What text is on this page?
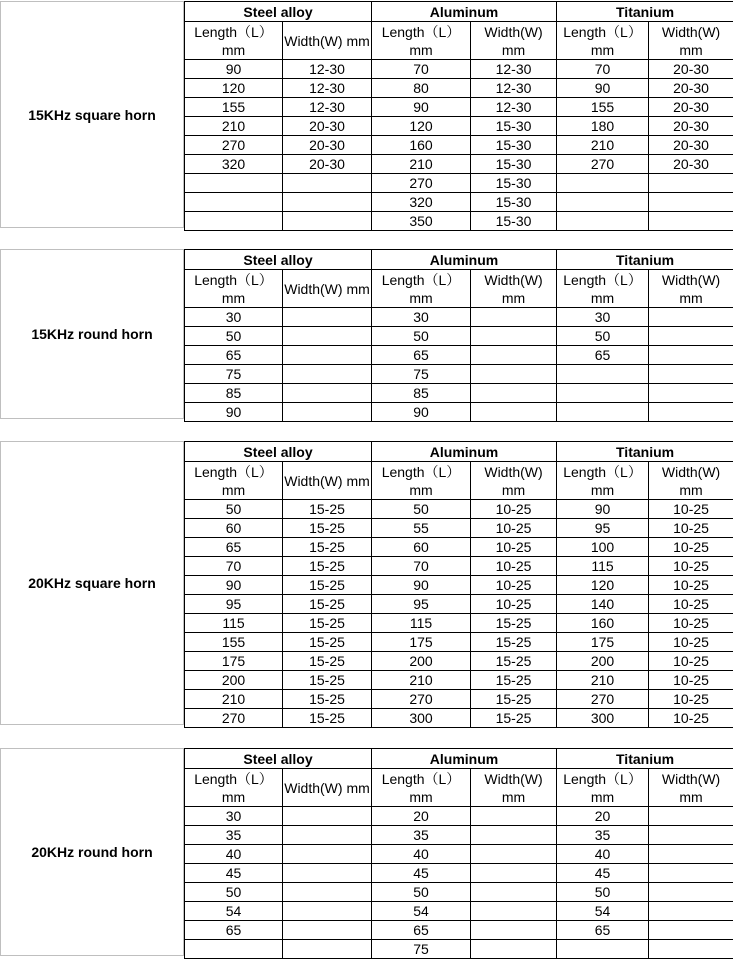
15KHz square horn
Steel alloy		Aluminum		Titanium	
Length（L） mm	Width(W) mm	Length（L） mm	Width(W) mm	Length（L） mm	Width(W) mm
90	12-30	70	12-30	70	20-30
120	12-30	80	12-30	90	20-30
155	12-30	90	12-30	155	20-30
210	20-30	120	15-30	180	20-30
270	20-30	160	15-30	210	20-30
320	20-30	210	15-30	270	20-30
		270	15-30		
		320	15-30		
		350	15-30		
15KHz round horn
Steel alloy		Aluminum		Titanium	
Length（L） mm	Width(W) mm	Length（L） mm	Width(W) mm	Length（L） mm	Width(W) mm
30		30		30	
50		50		50	
65		65		65	
75		75			
85		85			
90		90			
20KHz square horn
Steel alloy		Aluminum		Titanium	
Length（L） mm	Width(W) mm	Length（L） mm	Width(W) mm	Length（L） mm	Width(W) mm
50	15-25	50	10-25	90	10-25
60	15-25	55	10-25	95	10-25
65	15-25	60	10-25	100	10-25
70	15-25	70	10-25	115	10-25
90	15-25	90	10-25	120	10-25
95	15-25	95	10-25	140	10-25
115	15-25	115	15-25	160	10-25
155	15-25	175	15-25	175	10-25
175	15-25	200	15-25	200	10-25
200	15-25	210	15-25	210	10-25
210	15-25	270	15-25	270	10-25
270	15-25	300	15-25	300	10-25
20KHz round horn
Steel alloy		Aluminum		Titanium	
Length（L） mm	Width(W) mm	Length（L） mm	Width(W) mm	Length（L） mm	Width(W) mm
30		20		20	
35		35		35	
40		40		40	
45		45		45	
50		50		50	
54		54		54	
65		65		65	
		75			
